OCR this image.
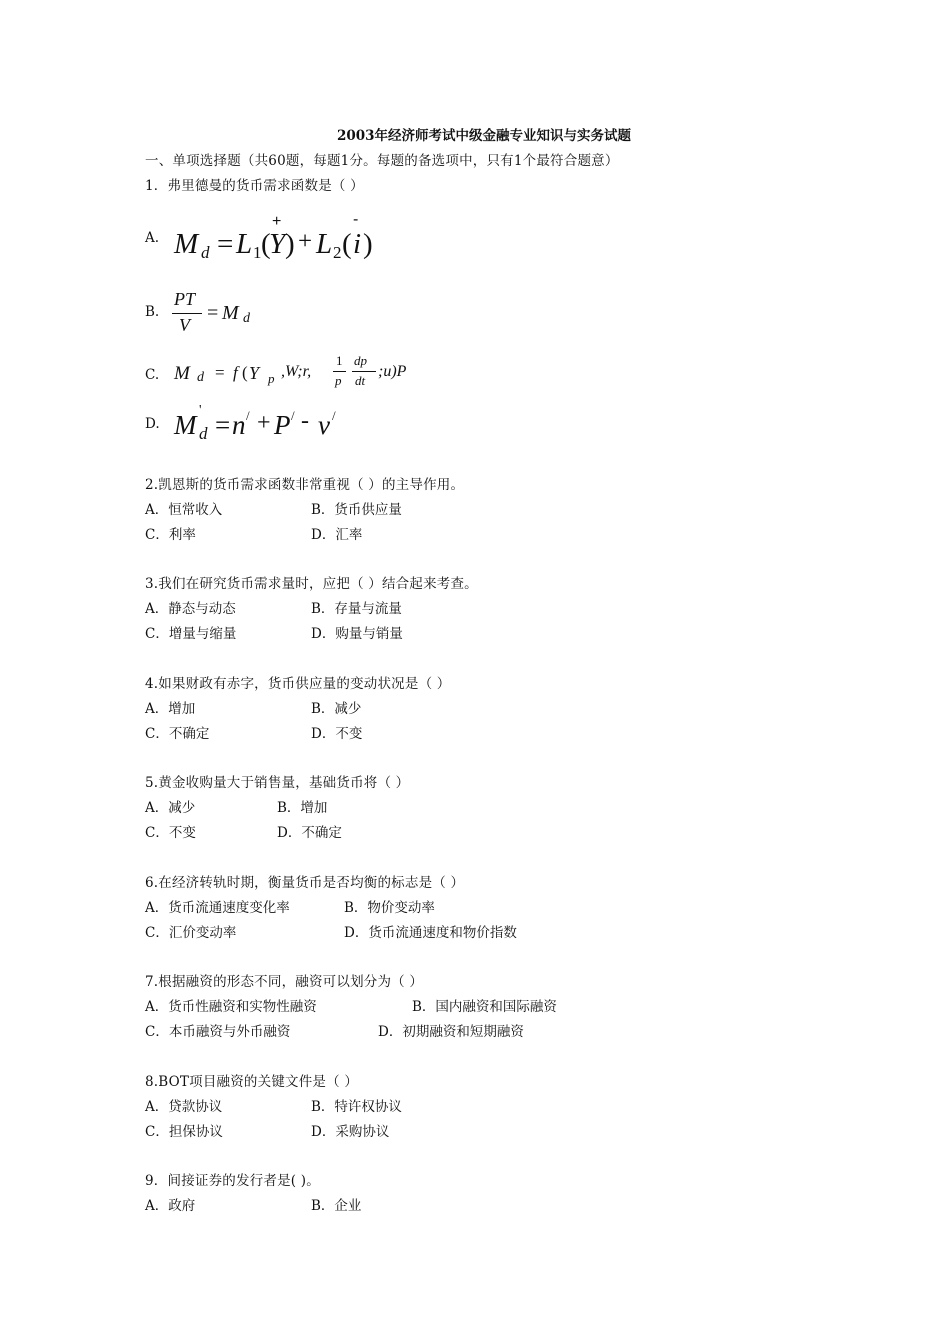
2003年经济师考试中级金融专业知识与实务试题
一、单项选择题（共60题，每题1分。每题的备选项中，只有1个最符合题意）
1．弗里德曼的货币需求函数是（ ）
A. M d = L 1 (
Y )
+
+ L 2 ( i )
-
B.
PT
V
= M d
C. M d = f ( Y p ,W;r,
1
p
dp
dt
;u)P
D. M '
d = n / + P / - v /
2.凯恩斯的货币需求函数非常重视（ ）的主导作用。
A．恒常收入	B．货币供应量
C．利率	D．汇率
3.我们在研究货币需求量时，应把（ ）结合起来考查。
A．静态与动态	B．存量与流量
C．增量与缩量	D．购量与销量
4.如果财政有赤字，货币供应量的变动状况是（ ）
A．增加	B．减少
C．不确定	D．不变
5.黄金收购量大于销售量，基础货币将（ ）
A．减少	B．增加
C．不变	D．不确定
6.在经济转轨时期，衡量货币是否均衡的标志是（ ）
A．货币流通速度变化率	B．物价变动率
C．汇价变动率	D．货币流通速度和物价指数
7.根据融资的形态不同，融资可以划分为（ ）
A．货币性融资和实物性融资	B．国内融资和国际融资
C．本币融资与外币融资	D．初期融资和短期融资
8.BOT项目融资的关键文件是（ ）
A．贷款协议	B．特许权协议
C．担保协议	D．采购协议
9．间接证券的发行者是( )。
A．政府	B．企业
